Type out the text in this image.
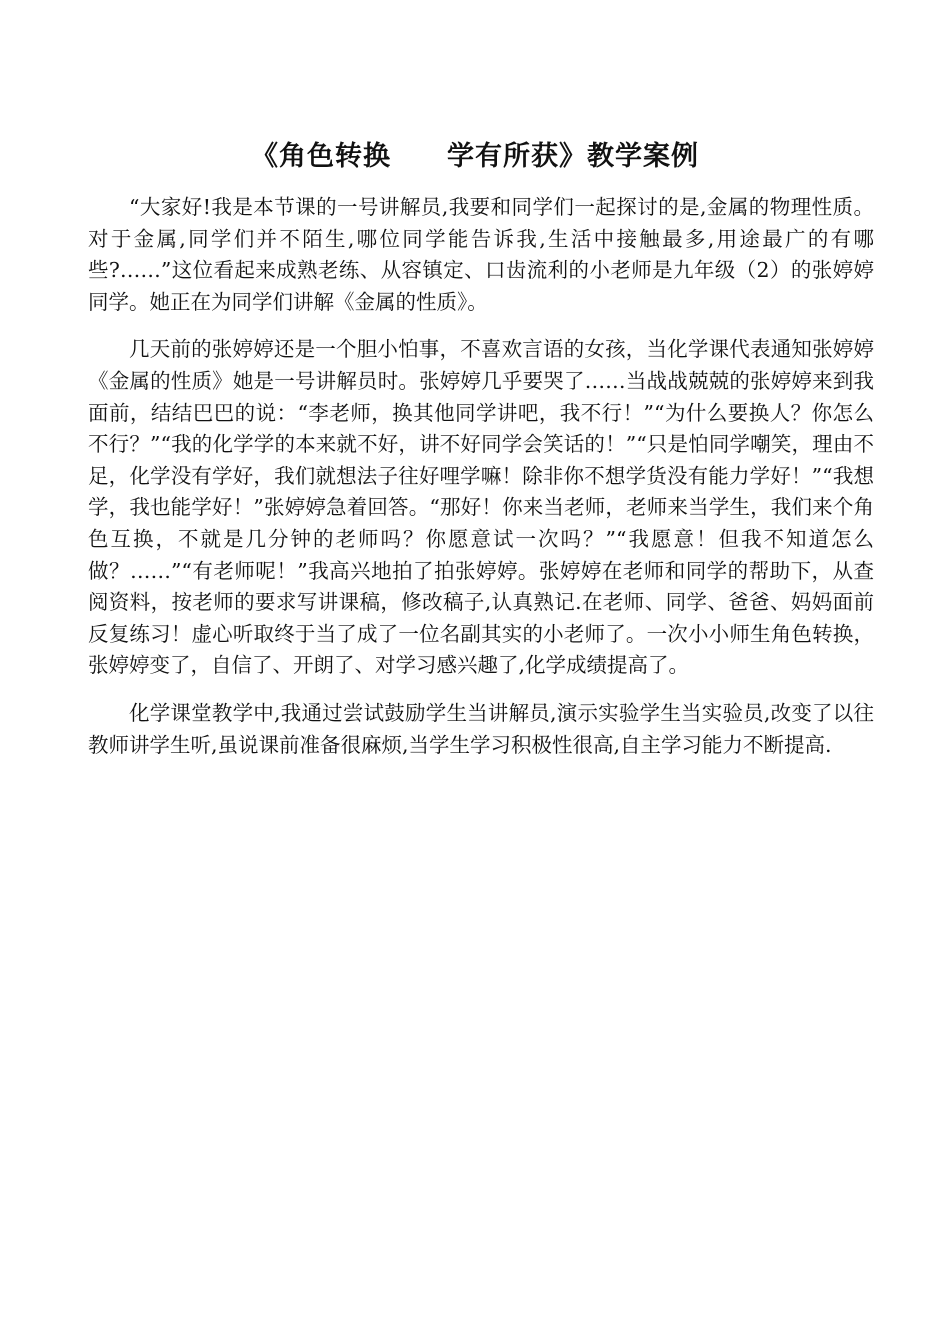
《角色转换　　学有所获》教学案例

“大家好!我是本节课的一号讲解员,我要和同学们一起探讨的是,金属的物理性质。对于金属,同学们并不陌生,哪位同学能告诉我,生活中接触最多,用途最广的有哪些?……”这位看起来成熟老练、从容镇定、口齿流利的小老师是九年级（2）的张婷婷同学。她正在为同学们讲解《金属的性质》。

几天前的张婷婷还是一个胆小怕事，不喜欢言语的女孩，当化学课代表通知张婷婷《金属的性质》她是一号讲解员时。张婷婷几乎要哭了……当战战兢兢的张婷婷来到我面前，结结巴巴的说：“李老师，换其他同学讲吧，我不行！”“为什么要换人？你怎么不行？”“我的化学学的本来就不好，讲不好同学会笑话的！”“只是怕同学嘲笑，理由不足，化学没有学好，我们就想法子往好哩学嘛！除非你不想学货没有能力学好！”“我想学，我也能学好！”张婷婷急着回答。“那好！你来当老师，老师来当学生，我们来个角色互换，不就是几分钟的老师吗？你愿意试一次吗？”“我愿意！但我不知道怎么做？……”“有老师呢！”我高兴地拍了拍张婷婷。张婷婷在老师和同学的帮助下，从查阅资料，按老师的要求写讲课稿，修改稿子,认真熟记.在老师、同学、爸爸、妈妈面前反复练习！虚心听取终于当了成了一位名副其实的小老师了。一次小小师生角色转换，张婷婷变了，自信了、开朗了、对学习感兴趣了,化学成绩提高了。

化学课堂教学中,我通过尝试鼓励学生当讲解员,演示实验学生当实验员,改变了以往教师讲学生听,虽说课前准备很麻烦,当学生学习积极性很高,自主学习能力不断提高.
